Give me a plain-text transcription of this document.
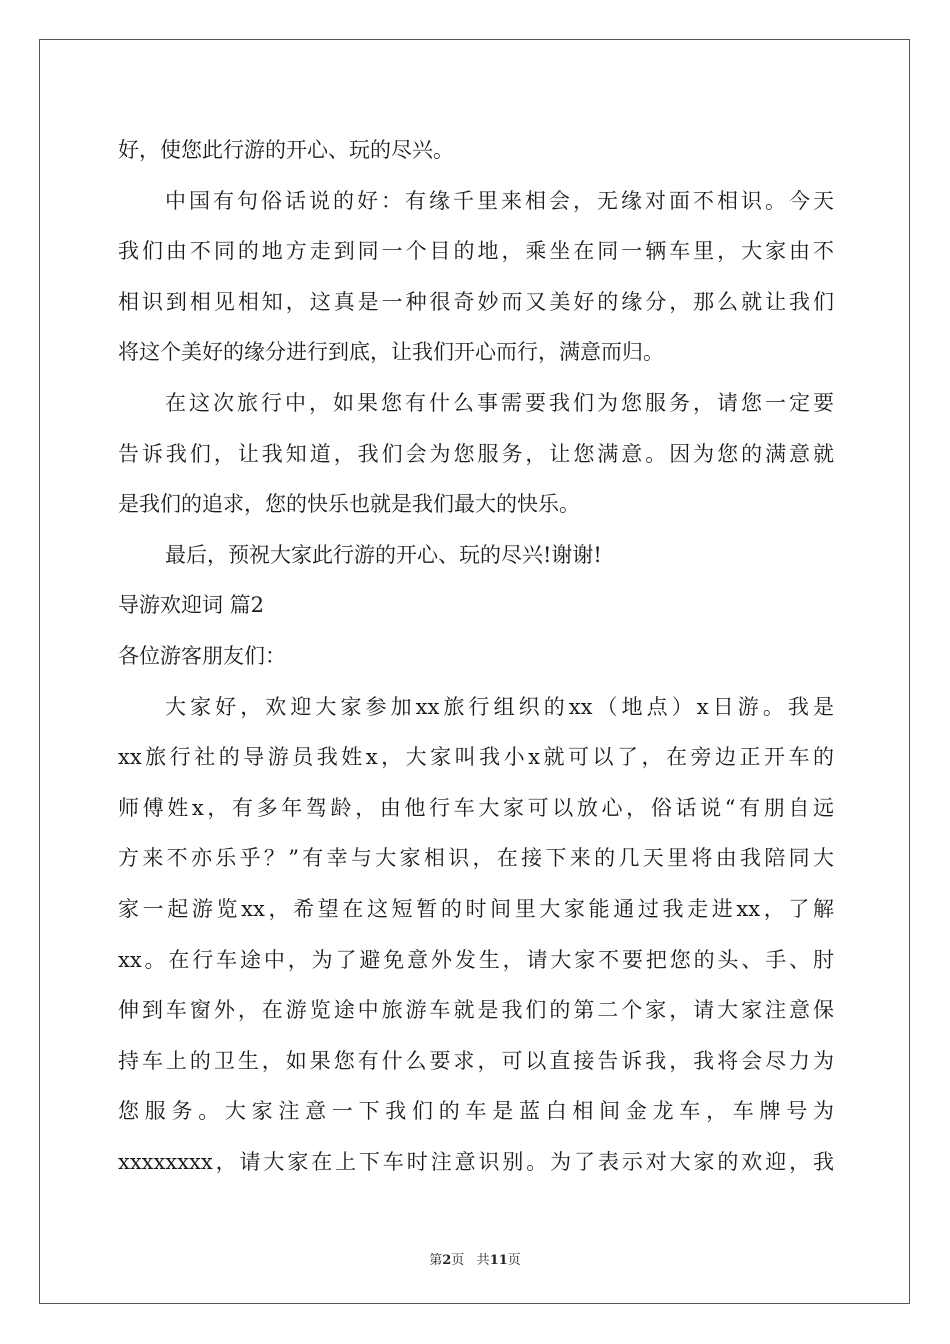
好，使您此行游的开心、玩的尽兴。
中国有句俗话说的好：有缘千里来相会，无缘对面不相识。今天
我们由不同的地方走到同一个目的地，乘坐在同一辆车里，大家由不
相识到相见相知，这真是一种很奇妙而又美好的缘分，那么就让我们
将这个美好的缘分进行到底，让我们开心而行，满意而归。
在这次旅行中，如果您有什么事需要我们为您服务，请您一定要
告诉我们，让我知道，我们会为您服务，让您满意。因为您的满意就
是我们的追求，您的快乐也就是我们最大的快乐。
最后，预祝大家此行游的开心、玩的尽兴!谢谢!
导游欢迎词 篇2
各位游客朋友们：
大家好，欢迎大家参加xx旅行组织的xx（地点）x日游。我是
xx旅行社的导游员我姓x，大家叫我小x就可以了，在旁边正开车的
师傅姓x，有多年驾龄，由他行车大家可以放心，俗话说“有朋自远
方来不亦乐乎？”有幸与大家相识，在接下来的几天里将由我陪同大
家一起游览xx，希望在这短暂的时间里大家能通过我走进xx，了解
xx。在行车途中，为了避免意外发生，请大家不要把您的头、手、肘
伸到车窗外，在游览途中旅游车就是我们的第二个家，请大家注意保
持车上的卫生，如果您有什么要求，可以直接告诉我，我将会尽力为
您服务。大家注意一下我们的车是蓝白相间金龙车，车牌号为
xxxxxxxx，请大家在上下车时注意识别。为了表示对大家的欢迎，我
第2页 共11页
